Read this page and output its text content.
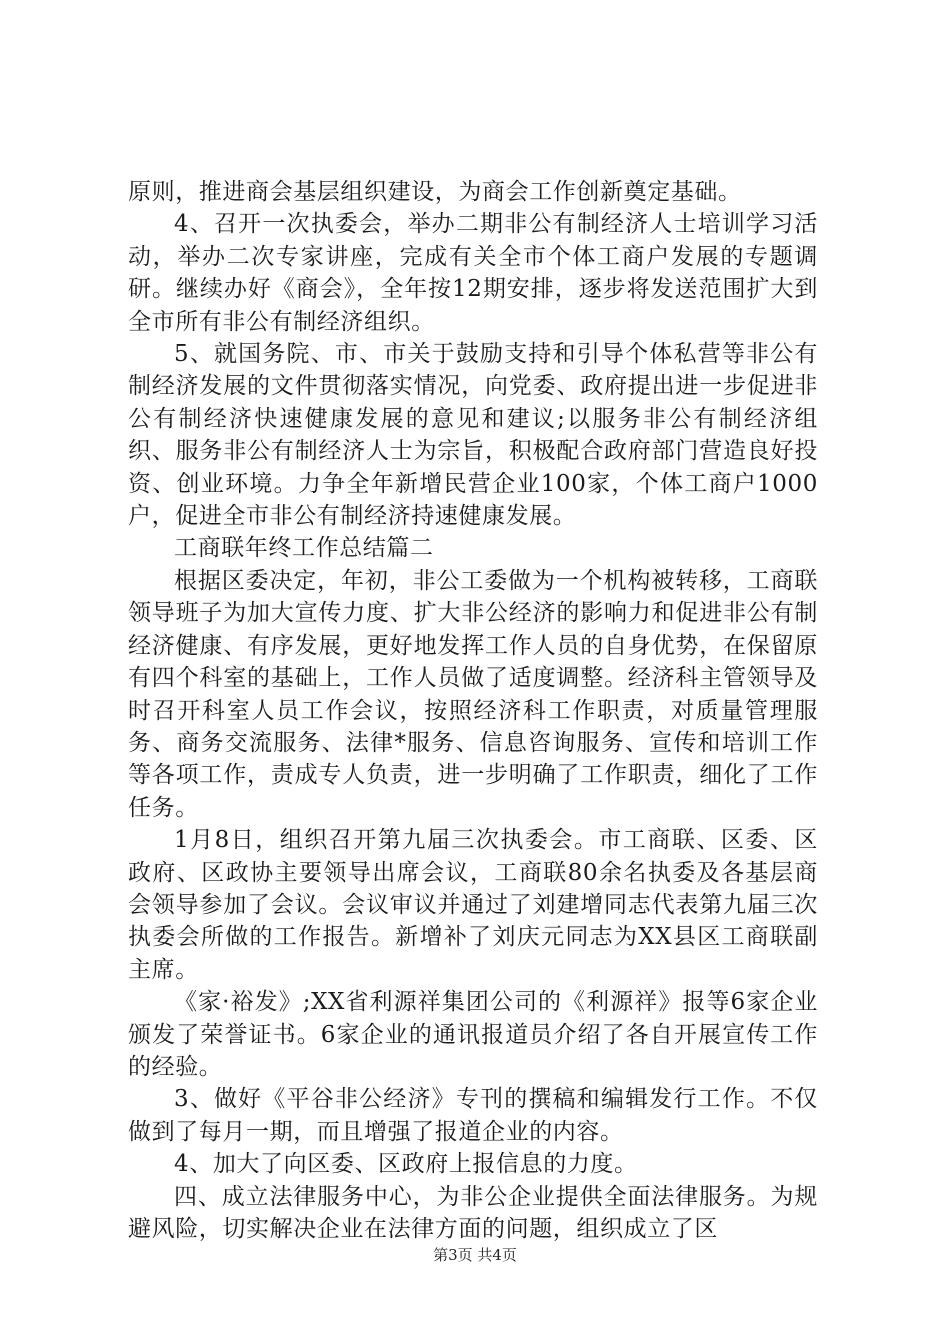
原则，推进商会基层组织建设，为商会工作创新奠定基础。

4、召开一次执委会，举办二期非公有制经济人士培训学习活动，举办二次专家讲座，完成有关全市个体工商户发展的专题调研。继续办好《商会》，全年按12期安排，逐步将发送范围扩大到全市所有非公有制经济组织。

5、就国务院、市、市关于鼓励支持和引导个体私营等非公有制经济发展的文件贯彻落实情况，向党委、政府提出进一步促进非公有制经济快速健康发展的意见和建议;以服务非公有制经济组织、服务非公有制经济人士为宗旨，积极配合政府部门营造良好投资、创业环境。力争全年新增民营企业100家，个体工商户1000户，促进全市非公有制经济持速健康发展。

工商联年终工作总结篇二

根据区委决定，年初，非公工委做为一个机构被转移，工商联领导班子为加大宣传力度、扩大非公经济的影响力和促进非公有制经济健康、有序发展，更好地发挥工作人员的自身优势，在保留原有四个科室的基础上，工作人员做了适度调整。经济科主管领导及时召开科室人员工作会议，按照经济科工作职责，对质量管理服务、商务交流服务、法律*服务、信息咨询服务、宣传和培训工作等各项工作，责成专人负责，进一步明确了工作职责，细化了工作任务。

1月8日，组织召开第九届三次执委会。市工商联、区委、区政府、区政协主要领导出席会议，工商联80余名执委及各基层商会领导参加了会议。会议审议并通过了刘建增同志代表第九届三次执委会所做的工作报告。新增补了刘庆元同志为XX县区工商联副主席。

《家·裕发》;XX省利源祥集团公司的《利源祥》报等6家企业颁发了荣誉证书。6家企业的通讯报道员介绍了各自开展宣传工作的经验。

3、做好《平谷非公经济》专刊的撰稿和编辑发行工作。不仅做到了每月一期，而且增强了报道企业的内容。

4、加大了向区委、区政府上报信息的力度。

四、成立法律服务中心，为非公企业提供全面法律服务。为规避风险，切实解决企业在法律方面的问题，组织成立了区

第3页 共4页
